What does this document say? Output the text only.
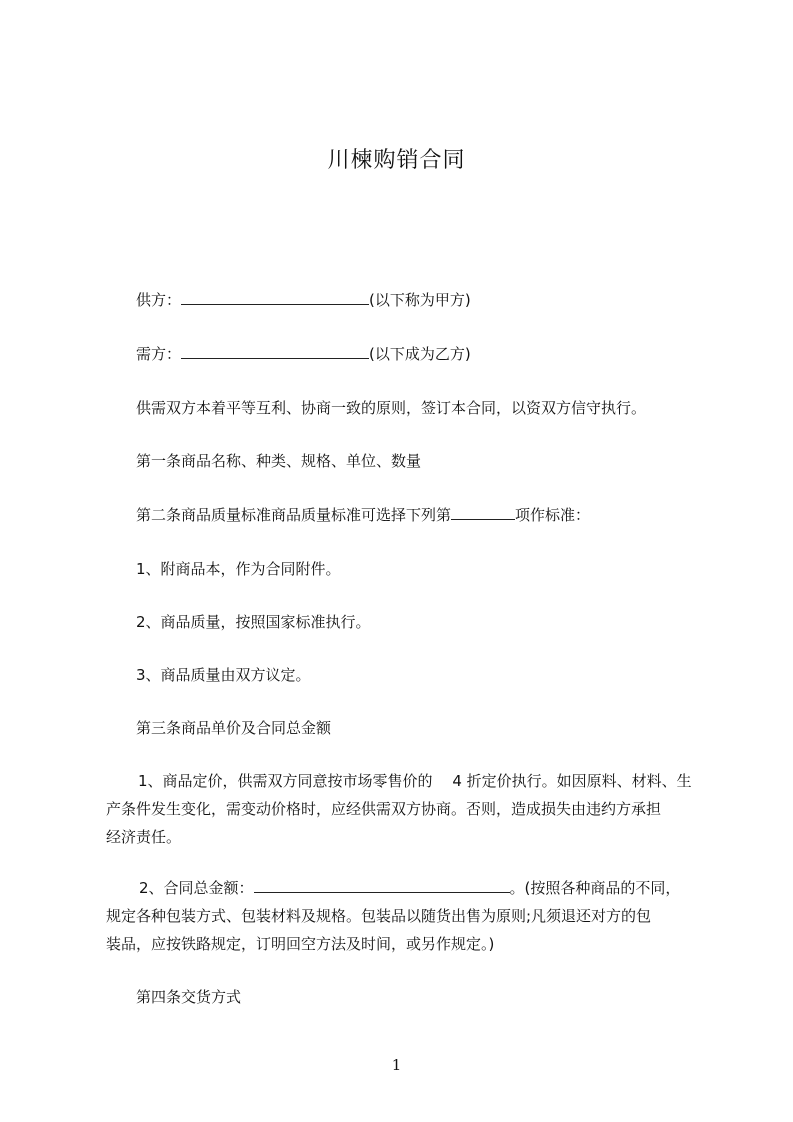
川楝购销合同
供方：	(以下称为甲方)
需方：	(以下成为乙方)
供需双方本着平等互利、协商一致的原则，签订本合同，以资双方信守执行。
第一条商品名称、种类、规格、单位、数量
第二条商品质量标准商品质量标准可选择下列第	项作标准：
1、附商品本，作为合同附件。
2、商品质量，按照国家标准执行。
3、商品质量由双方议定。
第三条商品单价及合同总金额
1、商品定价，供需双方同意按市场零售价的　 4 折定价执行。如因原料、材料、生
产条件发生变化，需变动价格时，应经供需双方协商。否则，造成损失由违约方承担
经济责任。
2、合同总金额：	。(按照各种商品的不同，
规定各种包装方式、包装材料及规格。包装品以随货出售为原则;凡须退还对方的包
装品，应按铁路规定，订明回空方法及时间，或另作规定。)
第四条交货方式
1
